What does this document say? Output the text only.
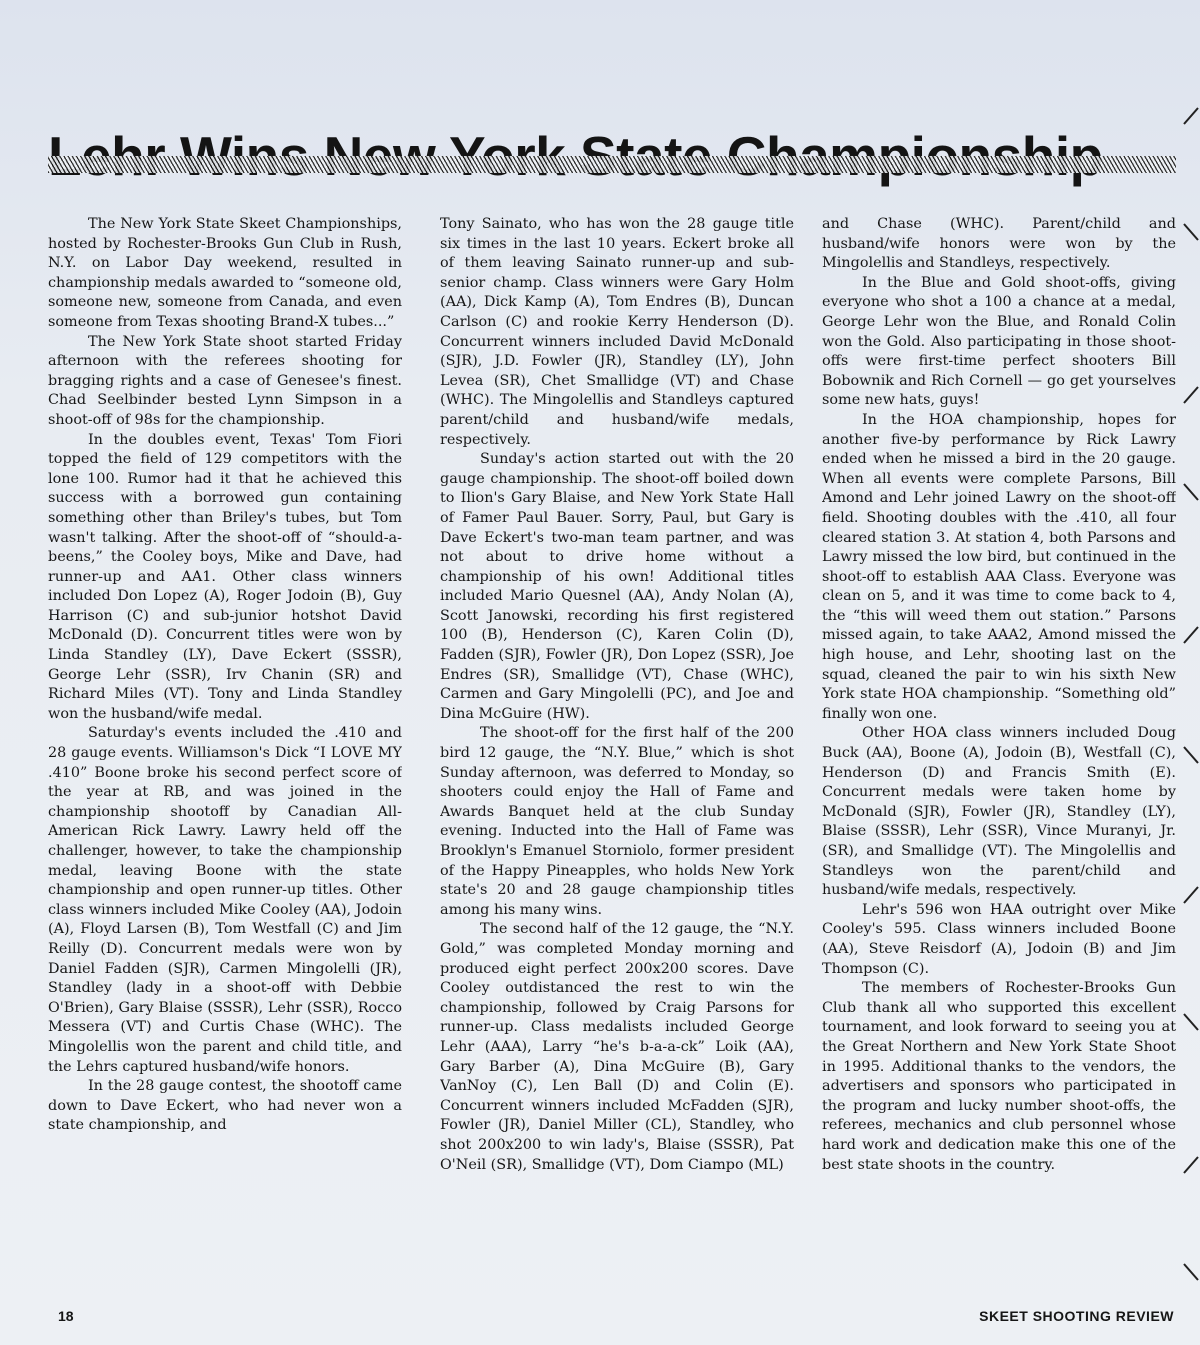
The New York State Skeet Championships, hosted by Rochester-Brooks Gun Club in Rush, N.Y. on Labor Day weekend, resulted in championship medals awarded to “someone old, someone new, someone from Canada, and even someone from Texas shooting Brand-X tubes...”

The New York State shoot started Friday afternoon with the referees shooting for bragging rights and a case of Genesee's finest. Chad Seelbinder bested Lynn Simpson in a shoot-off of 98s for the championship.

In the doubles event, Texas' Tom Fiori topped the field of 129 competitors with the lone 100. Rumor had it that he achieved this success with a borrowed gun containing something other than Briley's tubes, but Tom wasn't talking. After the shoot-off of “should-a-beens,” the Cooley boys, Mike and Dave, had runner-up and AA1. Other class winners included Don Lopez (A), Roger Jodoin (B), Guy Harrison (C) and sub-junior hotshot David McDonald (D). Concurrent titles were won by Linda Standley (LY), Dave Eckert (SSSR), George Lehr (SSR), Irv Chanin (SR) and Richard Miles (VT). Tony and Linda Standley won the husband/wife medal.

Saturday's events included the .410 and 28 gauge events. Williamson's Dick “I LOVE MY .410” Boone broke his second perfect score of the year at RB, and was joined in the championship shootoff by Canadian All-American Rick Lawry. Lawry held off the challenger, however, to take the championship medal, leaving Boone with the state championship and open runner-up titles. Other class winners included Mike Cooley (AA), Jodoin (A), Floyd Larsen (B), Tom Westfall (C) and Jim Reilly (D). Concurrent medals were won by Daniel Fadden (SJR), Carmen Mingolelli (JR), Standley (lady in a shoot-off with Debbie O'Brien), Gary Blaise (SSSR), Lehr (SSR), Rocco Messera (VT) and Curtis Chase (WHC). The Mingolellis won the parent and child title, and the Lehrs captured husband/wife honors.

In the 28 gauge contest, the shootoff came down to Dave Eckert, who had never won a state championship, and

Tony Sainato, who has won the 28 gauge title six times in the last 10 years. Eckert broke all of them leaving Sainato runner-up and sub-senior champ. Class winners were Gary Holm (AA), Dick Kamp (A), Tom Endres (B), Duncan Carlson (C) and rookie Kerry Henderson (D). Concurrent winners included David McDonald (SJR), J.D. Fowler (JR), Standley (LY), John Levea (SR), Chet Smallidge (VT) and Chase (WHC). The Mingolellis and Standleys captured parent/child and husband/wife medals, respectively.

Sunday's action started out with the 20 gauge championship. The shoot-off boiled down to Ilion's Gary Blaise, and New York State Hall of Famer Paul Bauer. Sorry, Paul, but Gary is Dave Eckert's two-man team partner, and was not about to drive home without a championship of his own! Additional titles included Mario Quesnel (AA), Andy Nolan (A), Scott Janowski, recording his first registered 100 (B), Henderson (C), Karen Colin (D), Fadden (SJR), Fowler (JR), Don Lopez (SSR), Joe Endres (SR), Smallidge (VT), Chase (WHC), Carmen and Gary Mingolelli (PC), and Joe and Dina McGuire (HW).

The shoot-off for the first half of the 200 bird 12 gauge, the “N.Y. Blue,” which is shot Sunday afternoon, was deferred to Monday, so shooters could enjoy the Hall of Fame and Awards Banquet held at the club Sunday evening. Inducted into the Hall of Fame was Brooklyn's Emanuel Storniolo, former president of the Happy Pineapples, who holds New York state's 20 and 28 gauge championship titles among his many wins.

The second half of the 12 gauge, the “N.Y. Gold,” was completed Monday morning and produced eight perfect 200x200 scores. Dave Cooley outdistanced the rest to win the championship, followed by Craig Parsons for runner-up. Class medalists included George Lehr (AAA), Larry “he's b-a-a-ck” Loik (AA), Gary Barber (A), Dina McGuire (B), Gary VanNoy (C), Len Ball (D) and Colin (E). Concurrent winners included McFadden (SJR), Fowler (JR), Daniel Miller (CL), Standley, who shot 200x200 to win lady's, Blaise (SSSR), Pat O'Neil (SR), Smallidge (VT), Dom Ciampo (ML)

and Chase (WHC). Parent/child and husband/wife honors were won by the Mingolellis and Standleys, respectively.

In the Blue and Gold shoot-offs, giving everyone who shot a 100 a chance at a medal, George Lehr won the Blue, and Ronald Colin won the Gold. Also participating in those shoot-offs were first-time perfect shooters Bill Bobownik and Rich Cornell — go get yourselves some new hats, guys!

In the HOA championship, hopes for another five-by performance by Rick Lawry ended when he missed a bird in the 20 gauge. When all events were complete Parsons, Bill Amond and Lehr joined Lawry on the shoot-off field. Shooting doubles with the .410, all four cleared station 3. At station 4, both Parsons and Lawry missed the low bird, but continued in the shoot-off to establish AAA Class. Everyone was clean on 5, and it was time to come back to 4, the “this will weed them out station.” Parsons missed again, to take AAA2, Amond missed the high house, and Lehr, shooting last on the squad, cleaned the pair to win his sixth New York state HOA championship. “Something old” finally won one.

Other HOA class winners included Doug Buck (AA), Boone (A), Jodoin (B), Westfall (C), Henderson (D) and Francis Smith (E). Concurrent medals were taken home by McDonald (SJR), Fowler (JR), Standley (LY), Blaise (SSSR), Lehr (SSR), Vince Muranyi, Jr. (SR), and Smallidge (VT). The Mingolellis and Standleys won the parent/child and husband/wife medals, respectively.

Lehr's 596 won HAA outright over Mike Cooley's 595. Class winners included Boone (AA), Steve Reisdorf (A), Jodoin (B) and Jim Thompson (C).

The members of Rochester-Brooks Gun Club thank all who supported this excellent tournament, and look forward to seeing you at the Great Northern and New York State Shoot in 1995. Additional thanks to the vendors, the advertisers and sponsors who participated in the program and lucky number shoot-offs, the referees, mechanics and club personnel whose hard work and dedication make this one of the best state shoots in the country.

18	SKEET SHOOTING REVIEW
